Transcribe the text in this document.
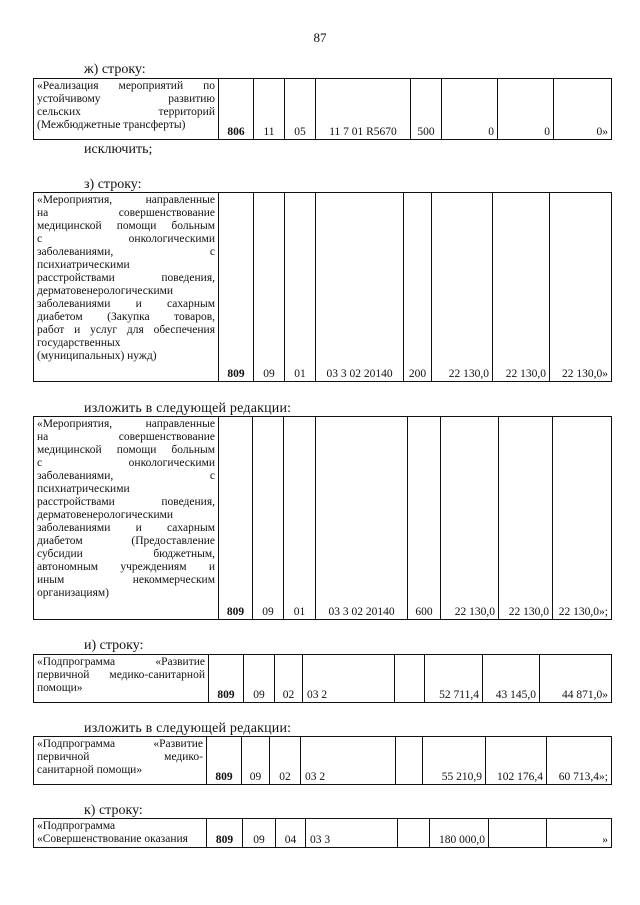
87
ж) строку:
«Реализация мероприятий по
устойчивому развитию
сельских территорий
(Межбюджетные трансферты)
	806	11	05	11 7 01 R5670	500	0	0	0»
исключить;
з) строку:
«Мероприятия, направленные
на совершенствование
медицинской помощи больным
с онкологическими
заболеваниями, с
психиатрическими
расстройствами поведения,
дерматовенерологическими
заболеваниями и сахарным
диабетом (Закупка товаров,
работ и услуг для обеспечения
государственных
(муниципальных) нужд)
	809	09	01	03 3 02 20140	200	22 130,0	22 130,0	22 130,0»
изложить в следующей редакции:
«Мероприятия, направленные
на совершенствование
медицинской помощи больным
с онкологическими
заболеваниями, с
психиатрическими
расстройствами поведения,
дерматовенерологическими
заболеваниями и сахарным
диабетом (Предоставление
субсидии бюджетным,
автономным учреждениям и
иным некоммерческим
организациям)
	809	09	01	03 3 02 20140	600	22 130,0	22 130,0	22 130,0»;
и) строку:
«Подпрограмма «Развитие
первичной медико-санитарной
помощи»
	809	09	02	03 2		52 711,4	43 145,0	44 871,0»
изложить в следующей редакции:
«Подпрограмма «Развитие
первичной медико-
санитарной помощи»
	809	09	02	03 2		55 210,9	102 176,4	60 713,4»;
к) строку:
«Подпрограмма
«Совершенствование оказания	809	09	04	03 3		180 000,0		»
